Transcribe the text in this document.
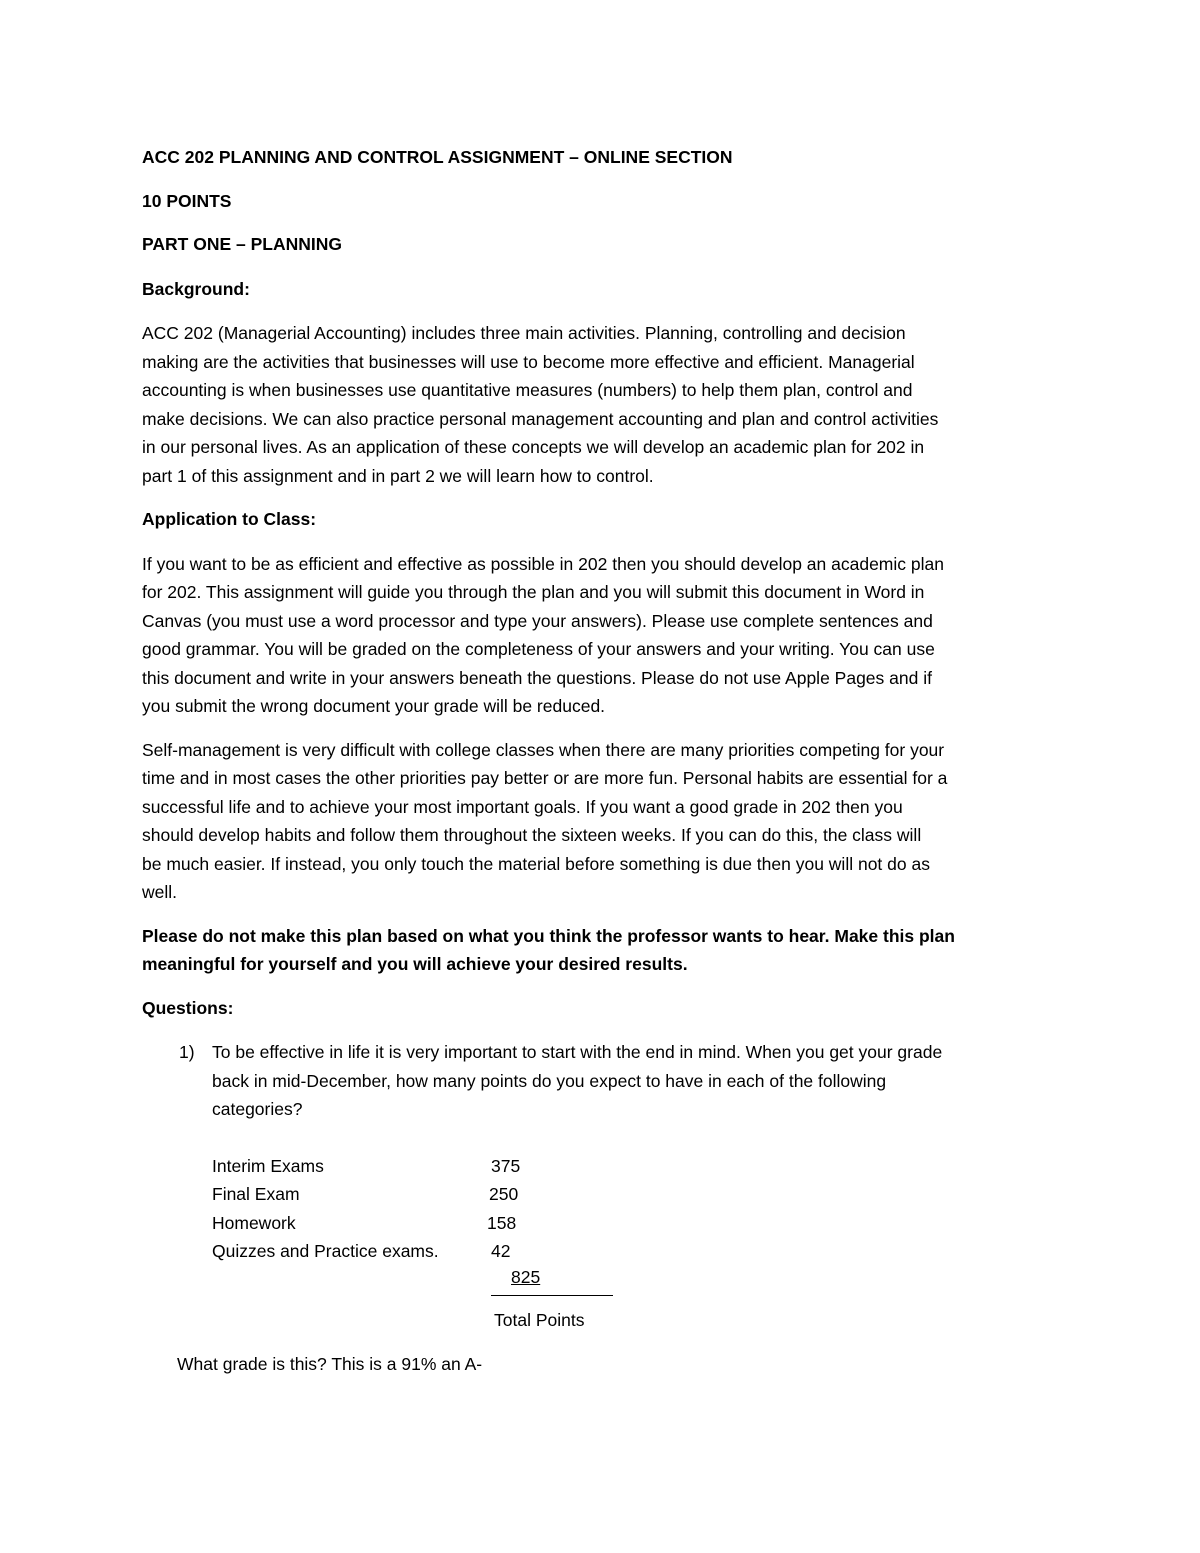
ACC 202 PLANNING AND CONTROL ASSIGNMENT – ONLINE SECTION

10 POINTS

PART ONE – PLANNING

Background:

ACC 202 (Managerial Accounting) includes three main activities. Planning, controlling and decision
making are the activities that businesses will use to become more effective and efficient. Managerial
accounting is when businesses use quantitative measures (numbers) to help them plan, control and
make decisions. We can also practice personal management accounting and plan and control activities
in our personal lives. As an application of these concepts we will develop an academic plan for 202 in
part 1 of this assignment and in part 2 we will learn how to control.

Application to Class:

If you want to be as efficient and effective as possible in 202 then you should develop an academic plan
for 202. This assignment will guide you through the plan and you will submit this document in Word in
Canvas (you must use a word processor and type your answers). Please use complete sentences and
good grammar. You will be graded on the completeness of your answers and your writing. You can use
this document and write in your answers beneath the questions. Please do not use Apple Pages and if
you submit the wrong document your grade will be reduced.
Self-management is very difficult with college classes when there are many priorities competing for your
time and in most cases the other priorities pay better or are more fun. Personal habits are essential for a
successful life and to achieve your most important goals. If you want a good grade in 202 then you
should develop habits and follow them throughout the sixteen weeks. If you can do this, the class will
be much easier. If instead, you only touch the material before something is due then you will not do as
well.
Please do not make this plan based on what you think the professor wants to hear. Make this plan
meaningful for yourself and you will achieve your desired results.

Questions:

1) To be effective in life it is very important to start with the end in mind. When you get your grade
back in mid-December, how many points do you expect to have in each of the following
categories?
Interim Exams	375
Final Exam	250
Homework	158
Quizzes and Practice exams.	42
825
Total Points
What grade is this? This is a 91% an A-
